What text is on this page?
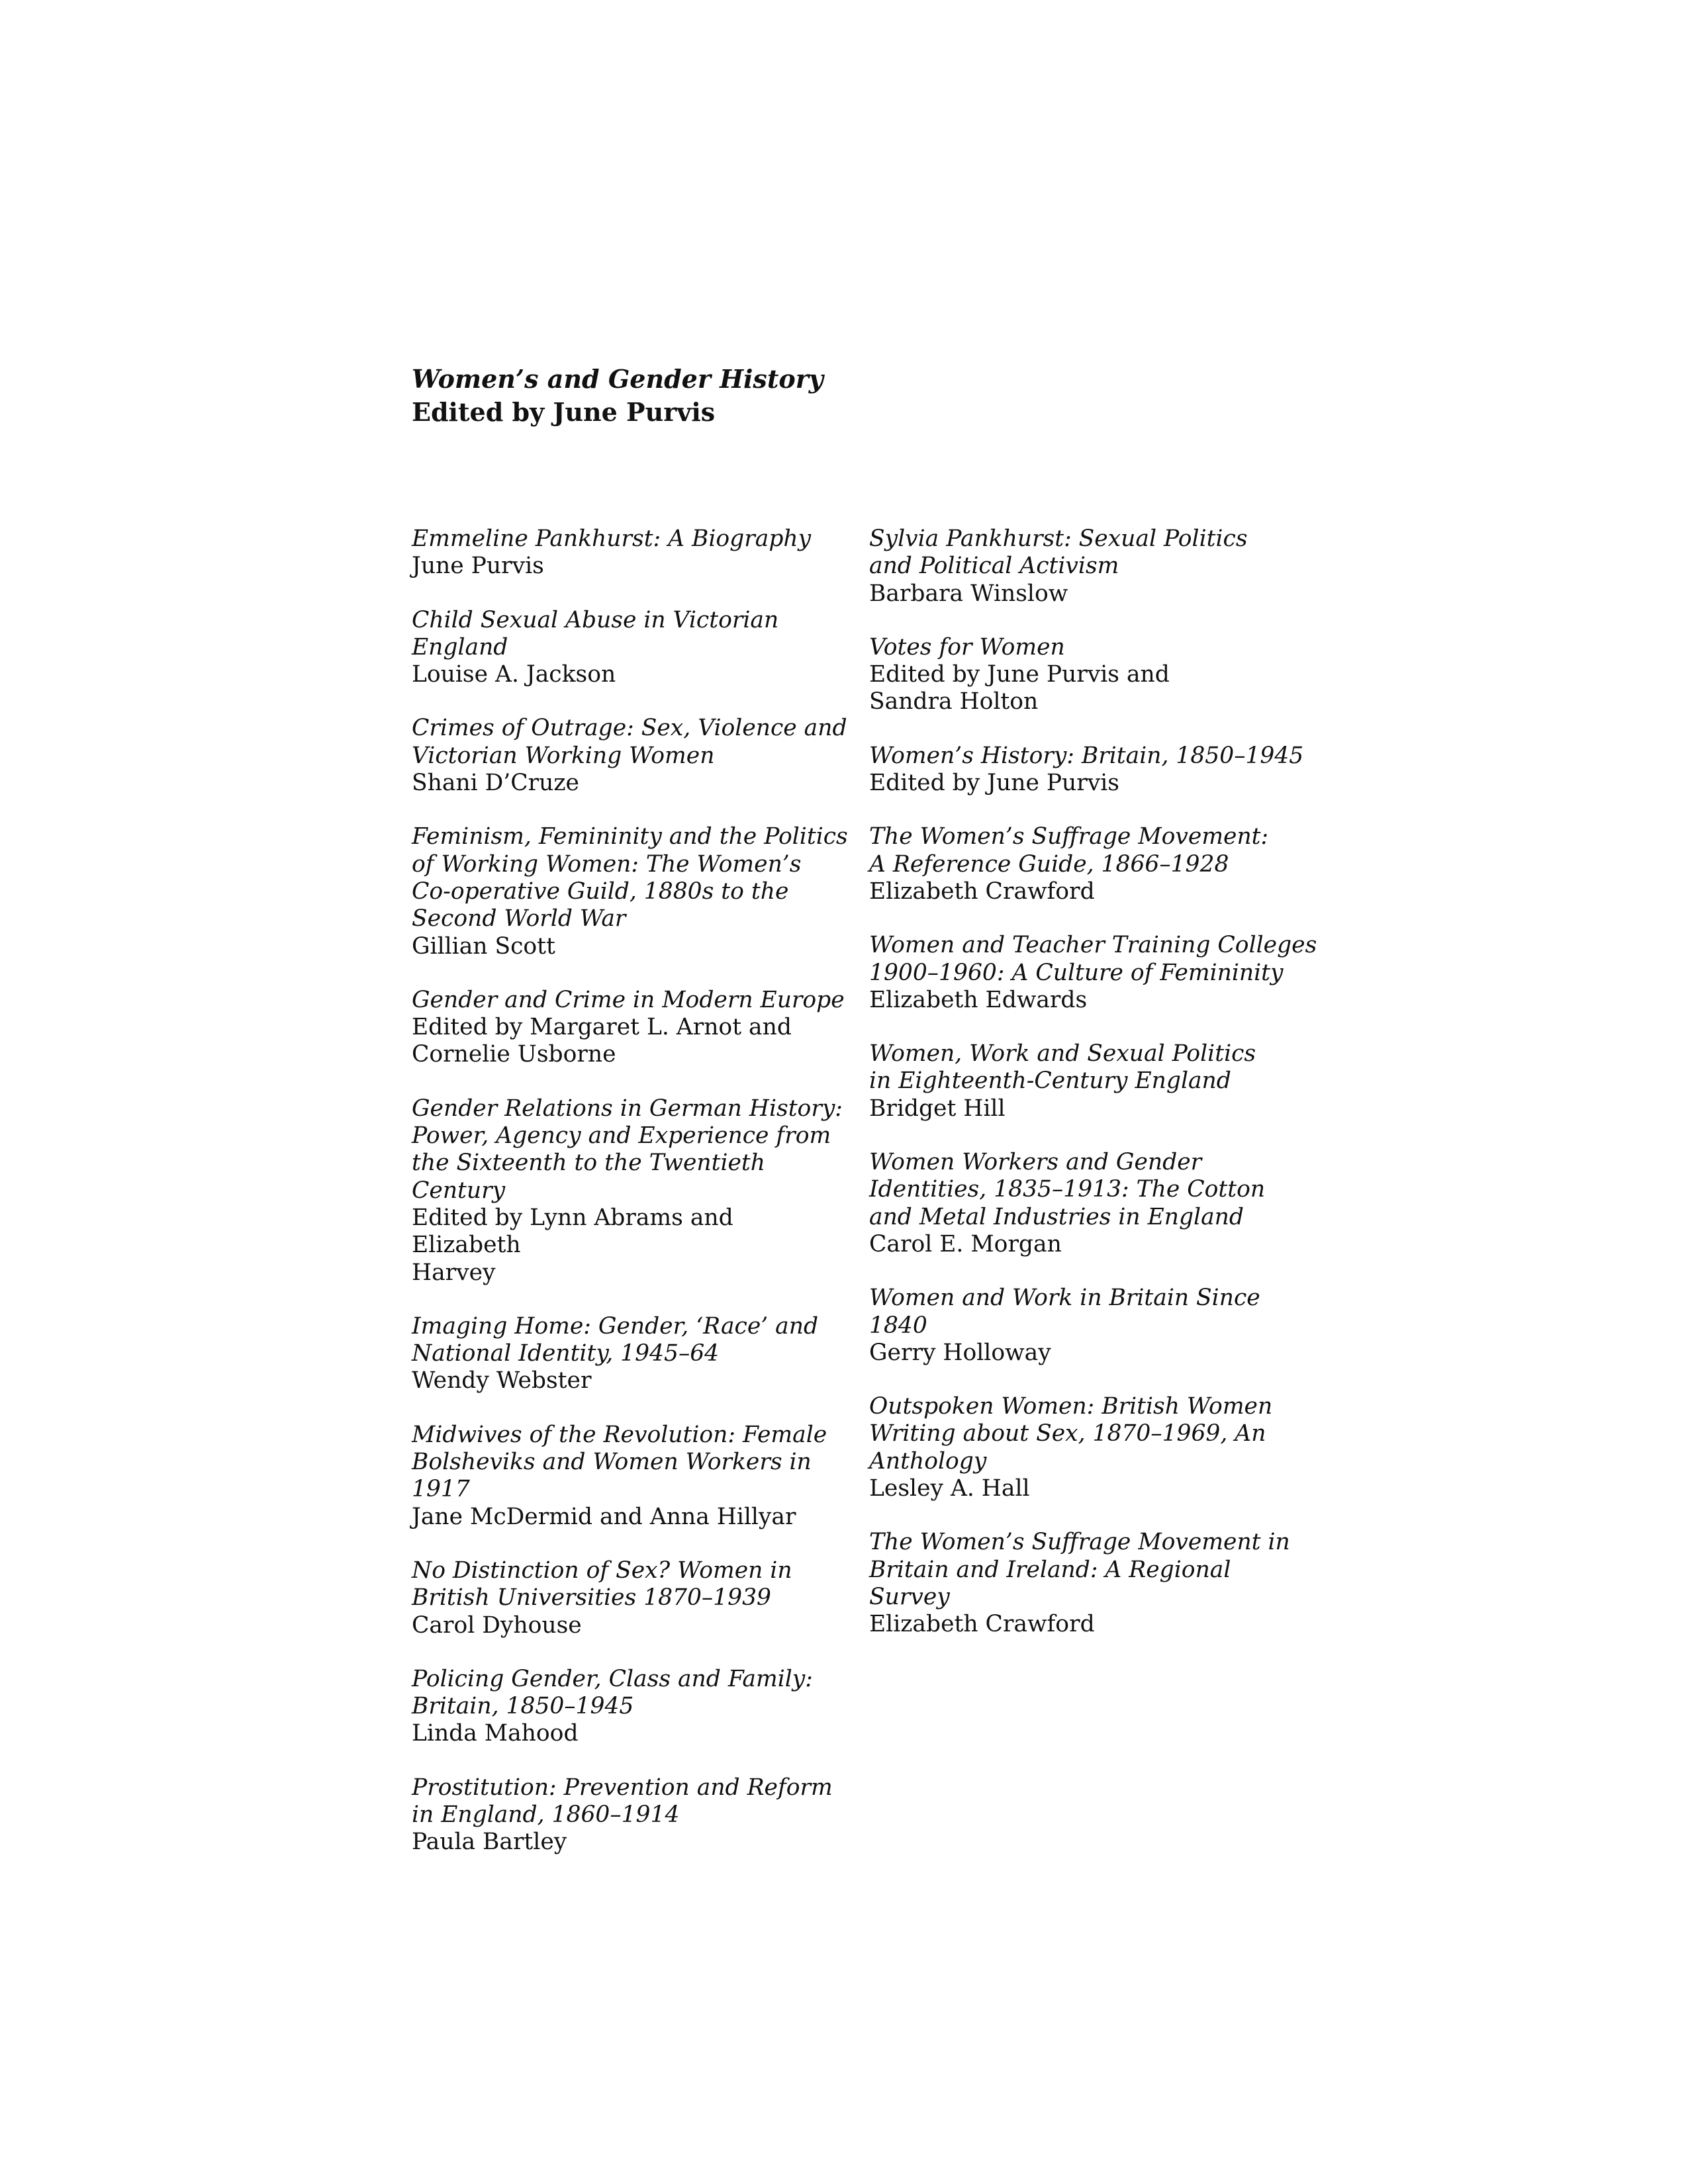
Women’s and Gender History

Edited by June Purvis

Emmeline Pankhurst: A Biography

June Purvis

Child Sexual Abuse in Victorian
England

Louise A. Jackson

Crimes of Outrage: Sex, Violence and
Victorian Working Women

Shani D’Cruze

Feminism, Femininity and the Politics
of Working Women: The Women’s
Co-operative Guild, 1880s to the
Second World War

Gillian Scott

Gender and Crime in Modern Europe

Edited by Margaret L. Arnot and
Cornelie Usborne

Gender Relations in German History:
Power, Agency and Experience from
the Sixteenth to the Twentieth Century

Edited by Lynn Abrams and Elizabeth
Harvey

Imaging Home: Gender, ‘Race’ and
National Identity, 1945–64

Wendy Webster

Midwives of the Revolution: Female
Bolsheviks and Women Workers in
1917

Jane McDermid and Anna Hillyar

No Distinction of Sex? Women in
British Universities 1870–1939

Carol Dyhouse

Policing Gender, Class and Family:
Britain, 1850–1945

Linda Mahood

Prostitution: Prevention and Reform
in England, 1860–1914

Paula Bartley

Sylvia Pankhurst: Sexual Politics
and Political Activism

Barbara Winslow

Votes for Women

Edited by June Purvis and
Sandra Holton

Women’s History: Britain, 1850–1945

Edited by June Purvis

The Women’s Suffrage Movement:
A Reference Guide, 1866–1928

Elizabeth Crawford

Women and Teacher Training Colleges
1900–1960: A Culture of Femininity

Elizabeth Edwards

Women, Work and Sexual Politics
in Eighteenth-Century England

Bridget Hill

Women Workers and Gender
Identities, 1835–1913: The Cotton
and Metal Industries in England

Carol E. Morgan

Women and Work in Britain Since
1840

Gerry Holloway

Outspoken Women: British Women
Writing about Sex, 1870–1969, An
Anthology

Lesley A. Hall

The Women’s Suffrage Movement in
Britain and Ireland: A Regional
Survey

Elizabeth Crawford
